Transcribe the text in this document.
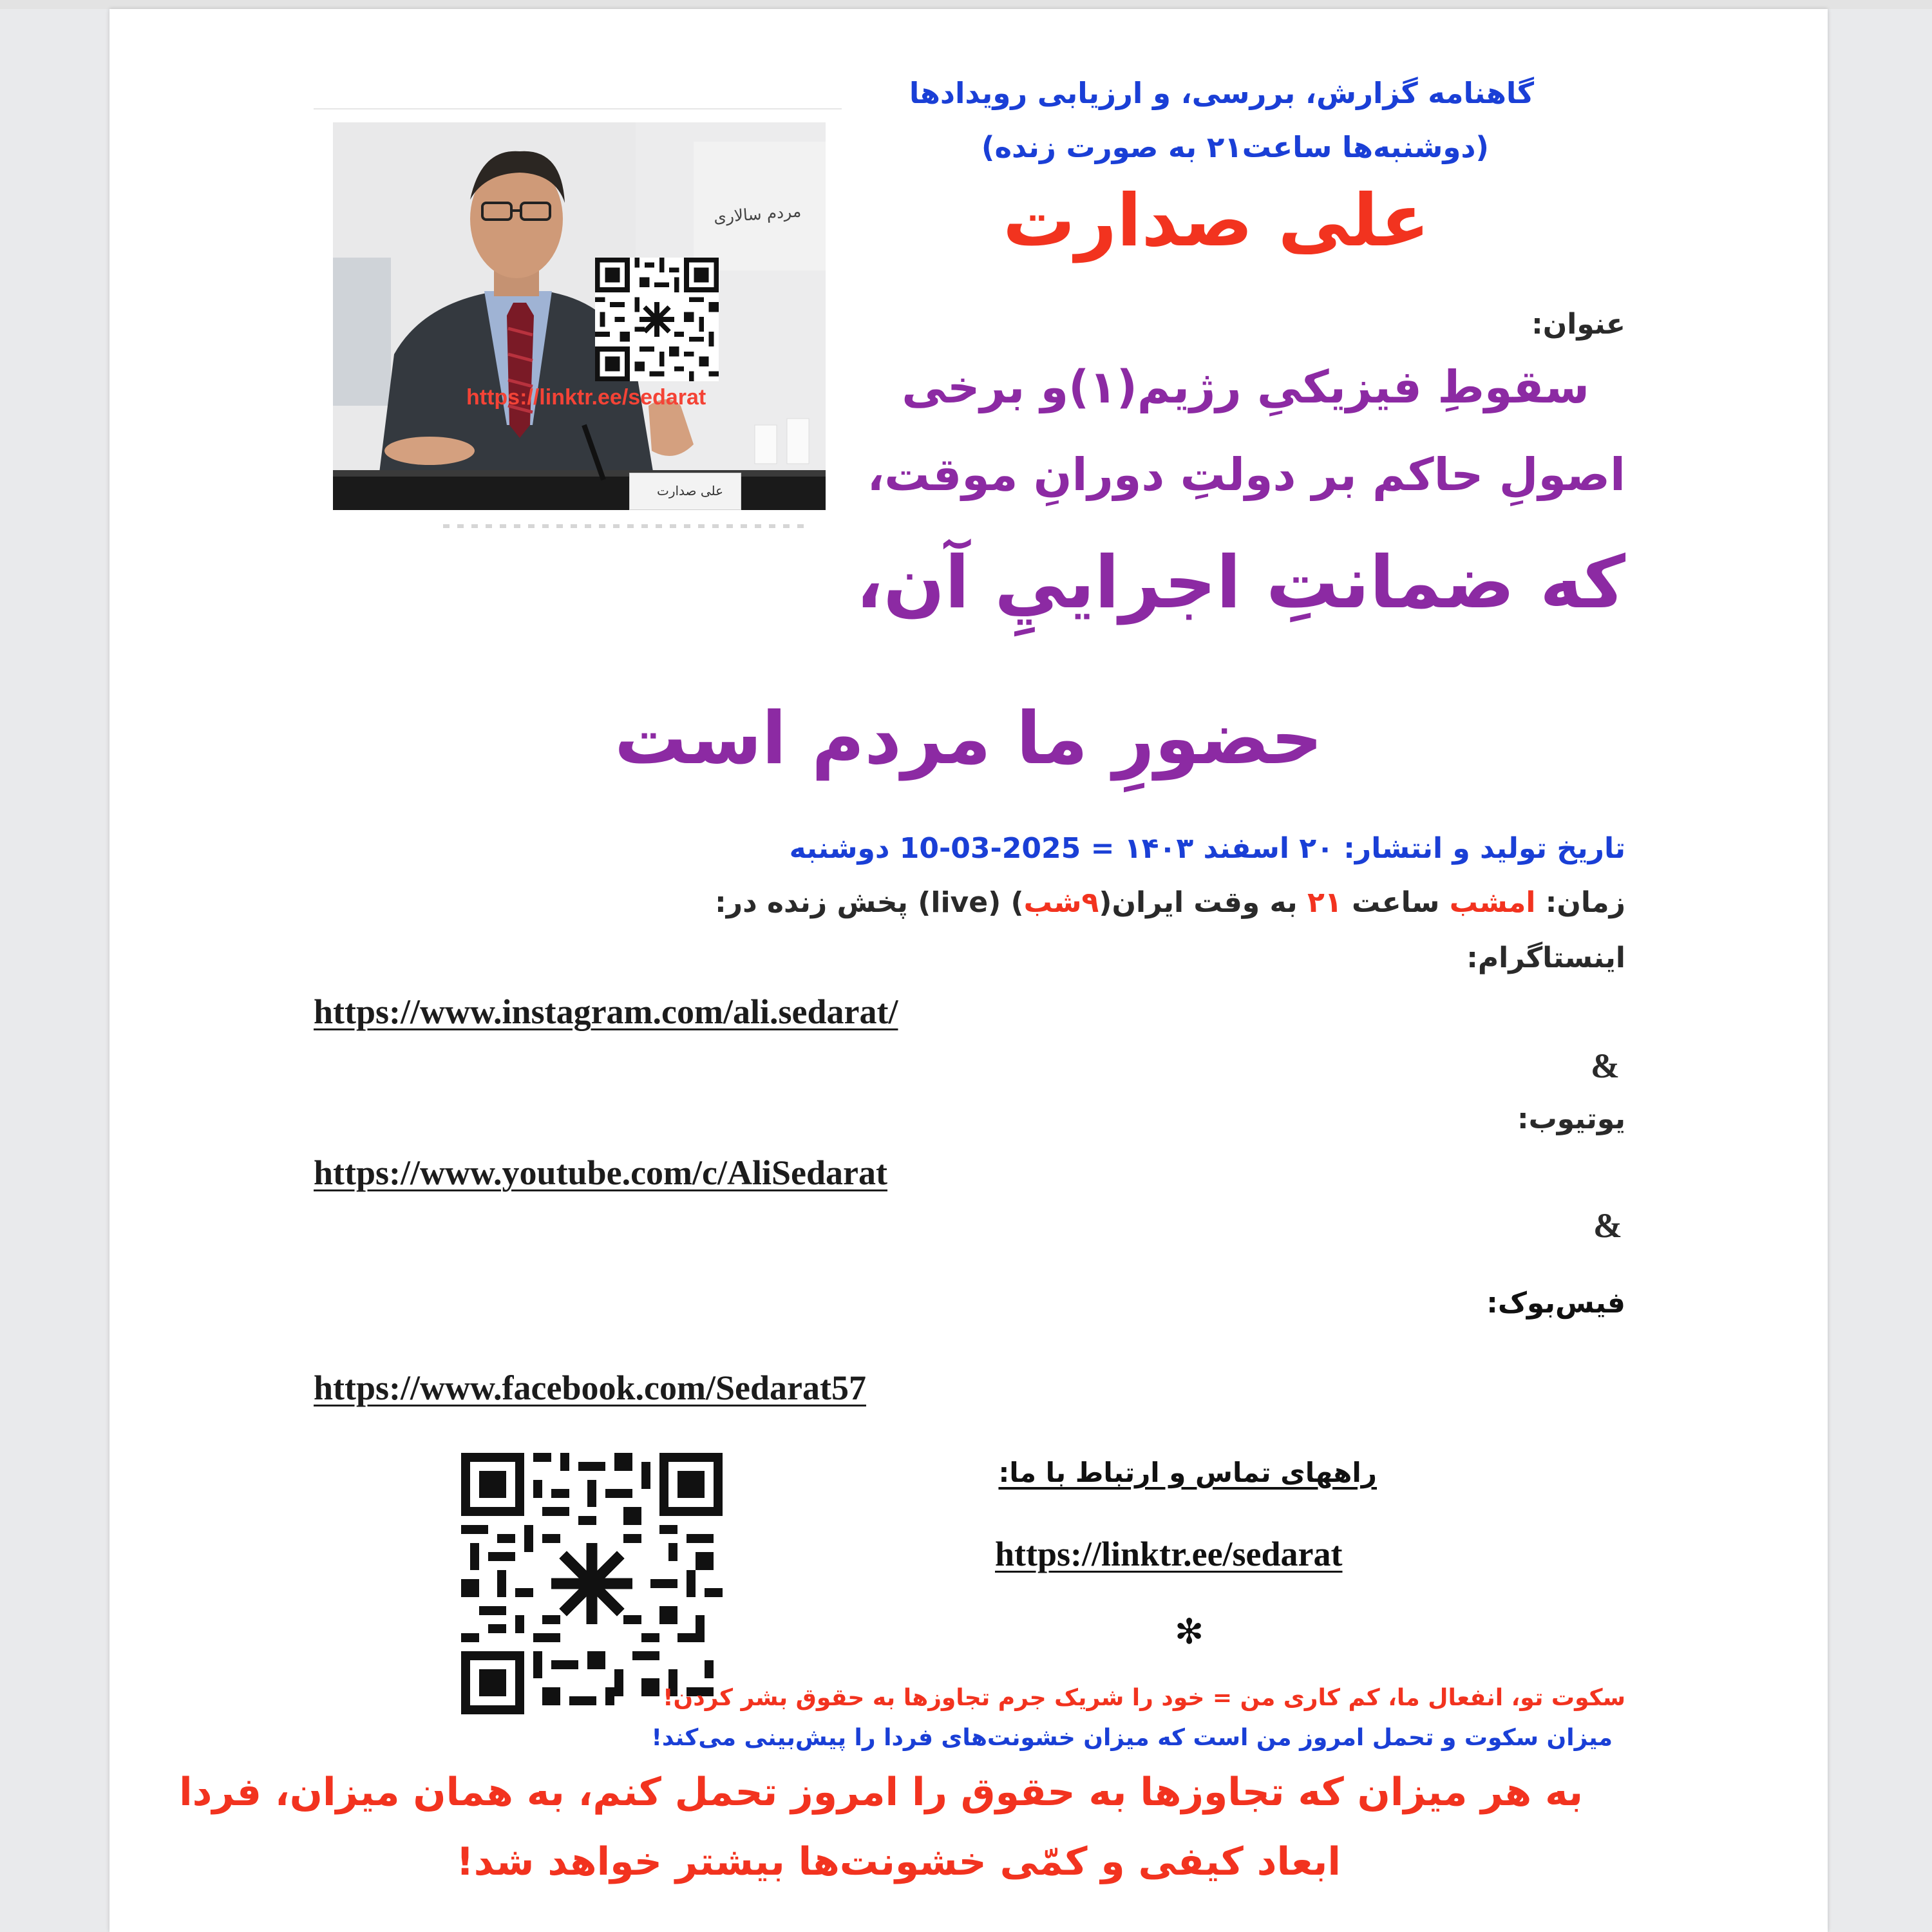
گاهنامه گزارش، بررسی، و ارزیابی رویدادها
(دوشنبه‌ها ساعت۲۱ به صورت زنده)
علی صدارت
مردم سالاری
علی صدارت
https://linktr.ee/sedarat
عنوان:
سقوطِ فیزیکیِ رژیم(۱)و برخی
اصولِ حاکم بر دولتِ دورانِ موقت،
که ضمانتِ اجرایيِ آن،
حضورِ ما مردم است
تاریخ تولید و انتشار: ۲۰ اسفند ۱۴۰۳ = 2025-03-10 دوشنبه
زمان: امشب ساعت ۲۱ به وقت ایران(۹شب) (live) پخش زنده در:
اینستاگرام:
https://www.instagram.com/ali.sedarat/
&
یوتیوب:
https://www.youtube.com/c/AliSedarat
&
فیس‌بوک:
https://www.facebook.com/Sedarat57
راههای تماس و ارتباط با ما:
https://linktr.ee/sedarat
✻
سکوت تو، انفعال ما، کم کاری من = خود را شریک جرم تجاوزها به حقوق بشر کردن!
میزان سکوت و تحمل امروز من است که میزان خشونت‌های فردا را پیش‌بینی می‌کند!
به هر میزان که تجاوزها به حقوق را امروز تحمل کنم، به همان میزان، فردا
ابعاد کیفی و کمّی خشونت‌ها بیشتر خواهد شد!
